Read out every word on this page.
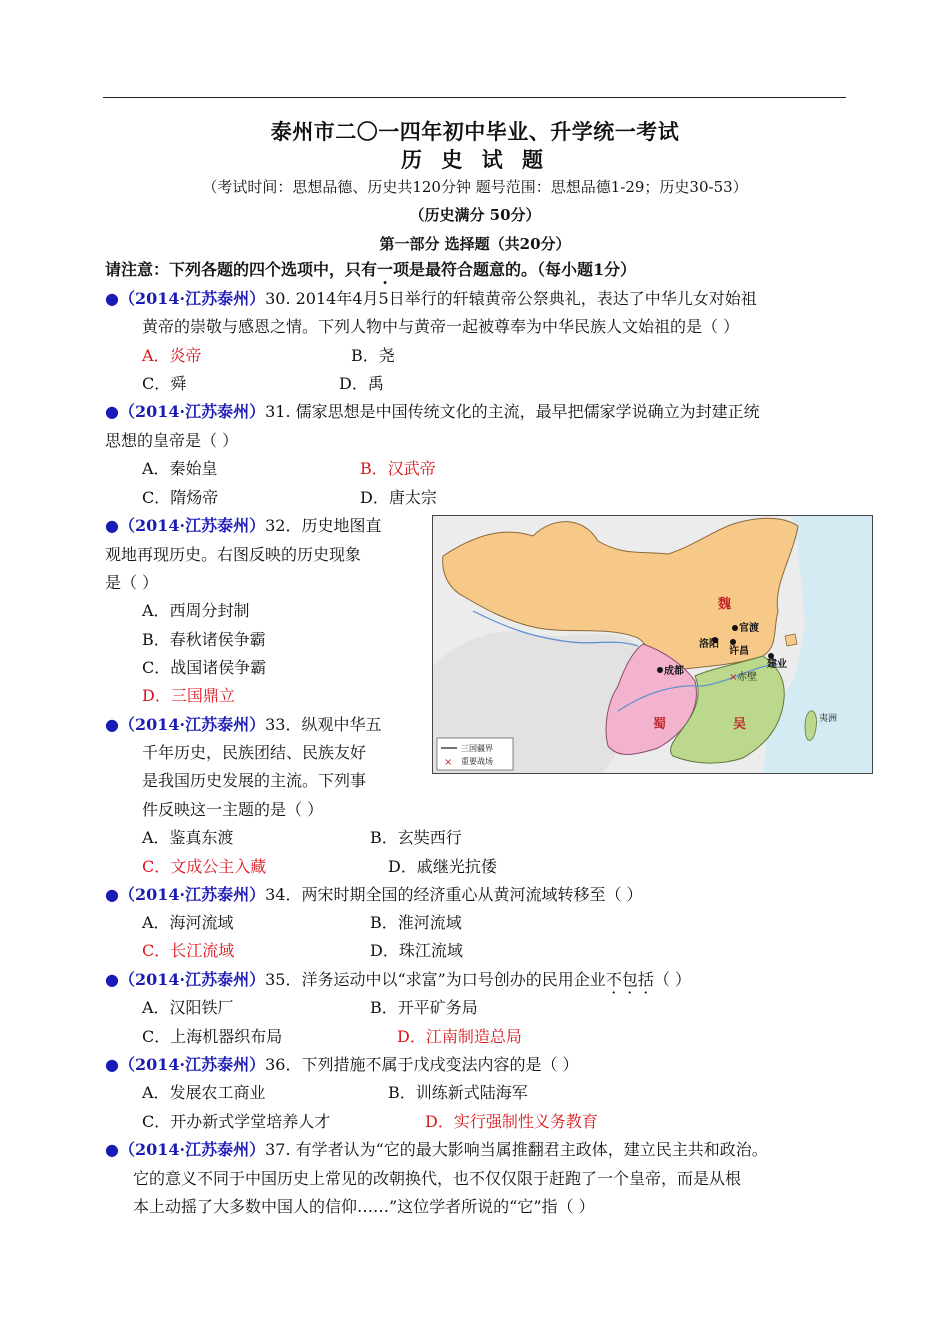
泰州市二〇一四年初中毕业、升学统一考试
历 史 试 题
（考试时间：思想品德、历史共120分钟 题号范围：思想品德1-29；历史30-53）
（历史满分 50分）
第一部分 选择题（共20分）
请注意：下列各题的四个选项中，只有一项是最符合题意的。（每小题1分）
●（2014·江苏泰州）30. 2014年4月5日举行的轩辕黄帝公祭典礼，表达了中华儿女对始祖
黄帝的崇敬与感恩之情。下列人物中与黄帝一起被尊奉为中华民族人文始祖的是（ ）
A．炎帝	B．尧
C．舜	D．禹
●（2014·江苏泰州）31. 儒家思想是中国传统文化的主流，最早把儒家学说确立为封建正统
思想的皇帝是（ ）
A．秦始皇	B．汉武帝
C．隋炀帝	D．唐太宗
●（2014·江苏泰州）32．历史地图直
观地再现历史。右图反映的历史现象
是（ ）
A．西周分封制
B．春秋诸侯争霸
C．战国诸侯争霸
D．三国鼎立
魏
蜀	吴
官渡
洛阳
许昌
成都
建业
× 赤壁
夷洲
三国疆界
× 重要战场
●（2014·江苏泰州）33．纵观中华五
千年历史，民族团结、民族友好
是我国历史发展的主流。下列事
件反映这一主题的是（ ）
A．鉴真东渡	B．玄奘西行
C．文成公主入藏	D．戚继光抗倭
●（2014·江苏泰州）34．两宋时期全国的经济重心从黄河流域转移至（ ）
A．海河流域	B．淮河流域
C．长江流域	D．珠江流域
●（2014·江苏泰州）35．洋务运动中以“求富”为口号创办的民用企业不包括（ ）
A．汉阳铁厂	B．开平矿务局
C．上海机器织布局	D．江南制造总局
●（2014·江苏泰州）36．下列措施不属于戊戌变法内容的是（ ）
A．发展农工商业	B．训练新式陆海军
C．开办新式学堂培养人才	D．实行强制性义务教育
●（2014·江苏泰州）37. 有学者认为“它的最大影响当属推翻君主政体，建立民主共和政治。
它的意义不同于中国历史上常见的改朝换代，也不仅仅限于赶跑了一个皇帝，而是从根
本上动摇了大多数中国人的信仰……”这位学者所说的“它”指（ ）
